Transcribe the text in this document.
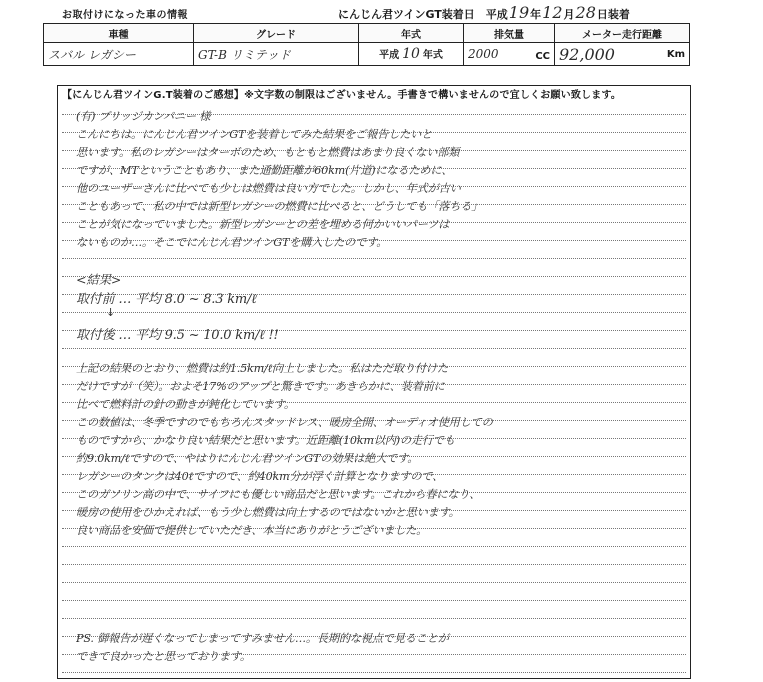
お取付けになった車の情報	にんじん君ツインGT装着日　平成19年12月28日装着
車種	グレード	年式	排気量	メーター走行距離
スバル レガシー	GT-B リミテッド	平成 10 年式	2000 CC	92,000 Km
【にんじん君ツインG.T装着のご感想】※文字数の制限はございません。手書きで構いませんので宜しくお願い致します。
(有) ブリッジカンパニー 様
こんにちは。にんじん君ツインGTを装着してみた結果をご報告したいと
思います。私のレガシーはターボのため、もともと燃費はあまり良くない部類
ですが、MTということもあり、また通勤距離が60km(片道)になるために、
他のユーザーさんに比べても少しは燃費は良い方でした。しかし、年式が古い
こともあって、私の中では新型レガシーの燃費に比べると、どうしても「落ちる」
ことが気になっていました。新型レガシーとの差を埋める何かいいパーツは
ないものか…。そこでにんじん君ツインGTを購入したのです。
<結果>
取付前 … 平均 8.0 ~ 8.3 km/ℓ
↓
取付後 … 平均 9.5 ~ 10.0 km/ℓ !!
上記の結果のとおり、燃費は約1.5km/ℓ向上しました。私はただ取り付けた
だけですが（笑）。およそ17%のアップと驚きです。あきらかに、装着前に
比べて燃料計の針の動きが鈍化しています。
この数値は、冬季ですのでもちろんスタッドレス、暖房全開、オーディオ使用しての
ものですから、かなり良い結果だと思います。近距離(10km以内)の走行でも
約9.0km/ℓですので、やはりにんじん君ツインGTの効果は絶大です。
レガシーのタンクは40ℓですので、約40km分が浮く計算となりますので、
このガソリン高の中で、サイフにも優しい商品だと思います。これから春になり、
暖房の使用をひかえれば、もう少し燃費は向上するのではないかと思います。
良い商品を安価で提供していただき、本当にありがとうございました。
PS. 御報告が遅くなってしまってすみません…。長期的な視点で見ることが
できて良かったと思っております。
